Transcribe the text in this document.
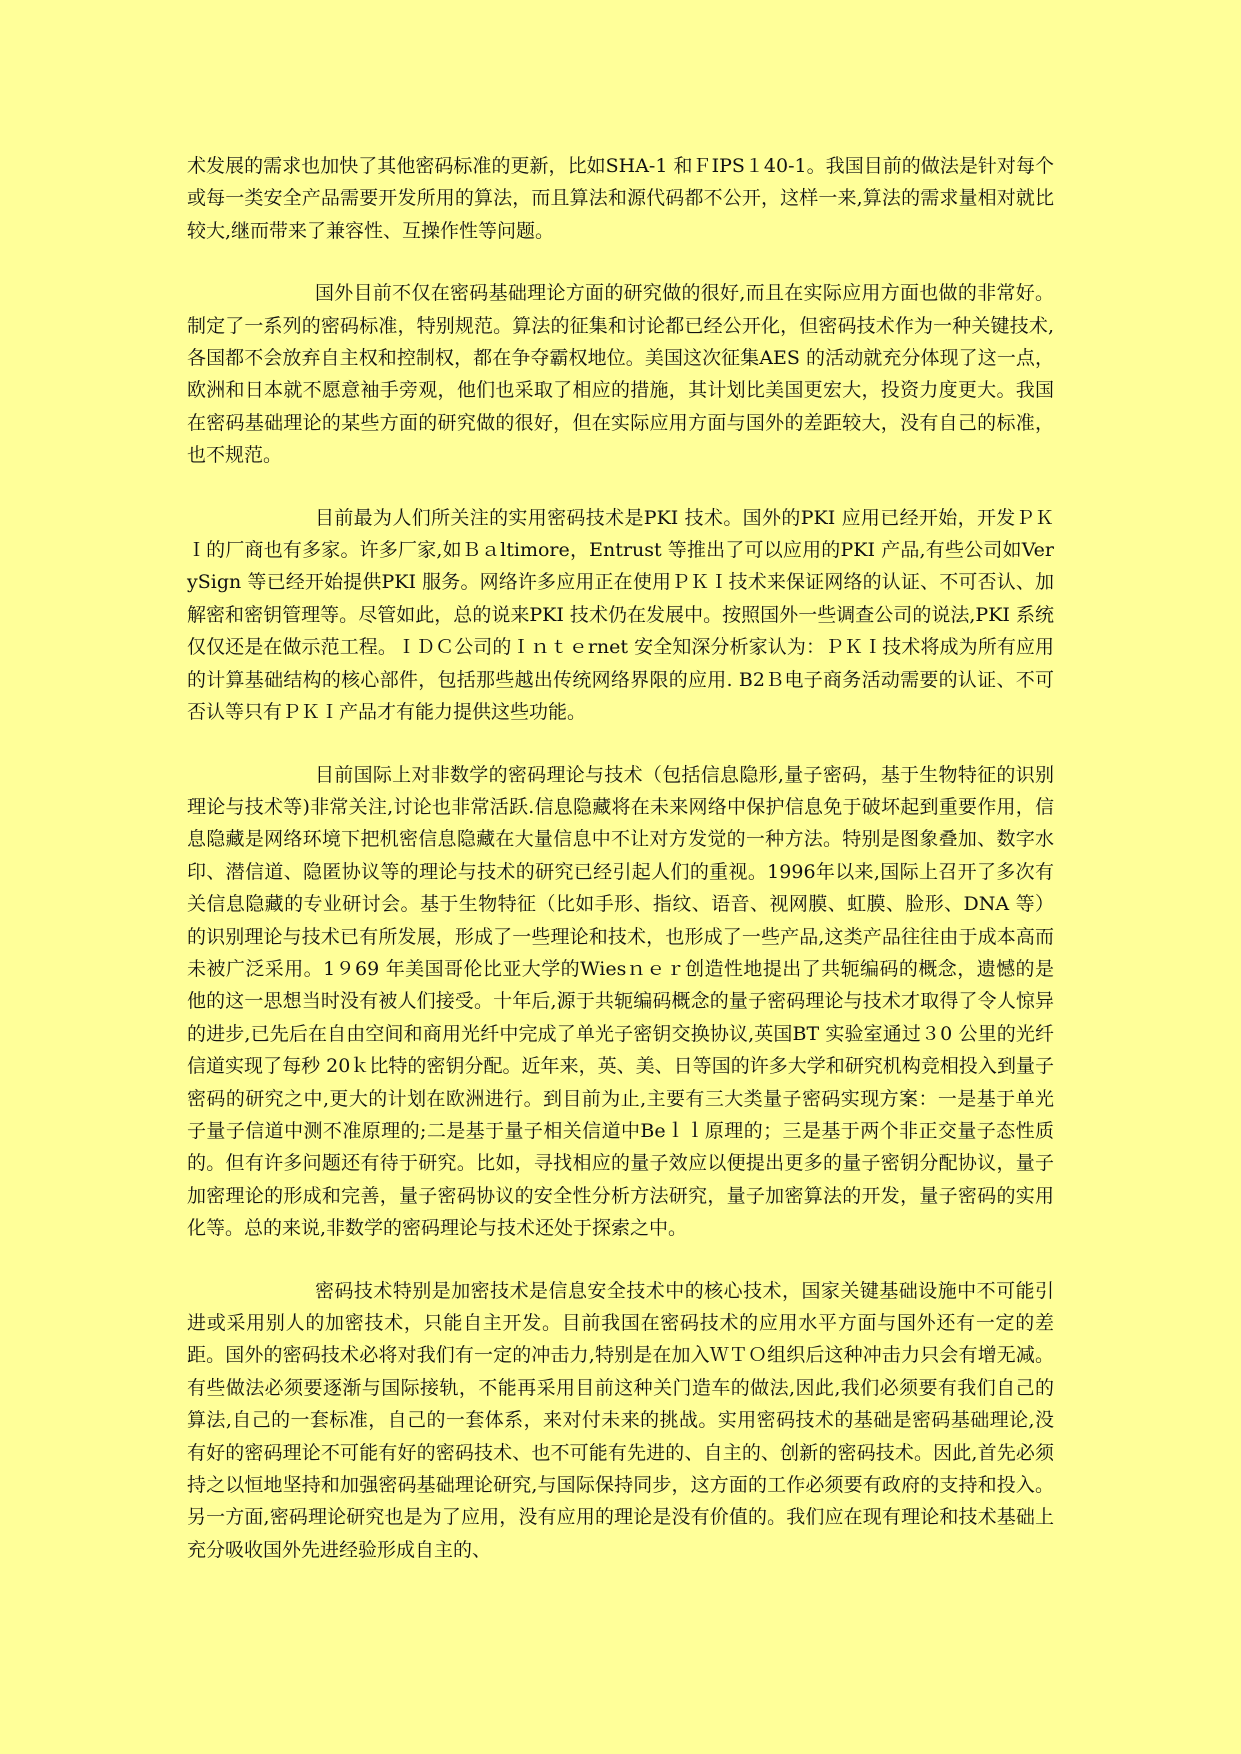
术发展的需求也加快了其他密码标准的更新，比如SHA-1 和ＦIPS１40-1。我国目前的做法是针对每个或每一类安全产品需要开发所用的算法，而且算法和源代码都不公开，这样一来,算法的需求量相对就比较大,继而带来了兼容性、互操作性等问题。

国外目前不仅在密码基础理论方面的研究做的很好,而且在实际应用方面也做的非常好。制定了一系列的密码标准，特别规范。算法的征集和讨论都已经公开化，但密码技术作为一种关键技术,各国都不会放弃自主权和控制权，都在争夺霸权地位。美国这次征集AES 的活动就充分体现了这一点，欧洲和日本就不愿意袖手旁观，他们也采取了相应的措施，其计划比美国更宏大，投资力度更大。我国在密码基础理论的某些方面的研究做的很好，但在实际应用方面与国外的差距较大，没有自己的标准，也不规范。

目前最为人们所关注的实用密码技术是PKI 技术。国外的PKI 应用已经开始，开发ＰＫＩ的厂商也有多家。许多厂家,如Ｂａltimore，Entrust 等推出了可以应用的PKI 产品,有些公司如VerySign 等已经开始提供PKI 服务。网络许多应用正在使用ＰＫＩ技术来保证网络的认证、不可否认、加解密和密钥管理等。尽管如此，总的说来PKI 技术仍在发展中。按照国外一些调查公司的说法,PKI 系统仅仅还是在做示范工程。ＩＤＣ公司的Ｉｎｔｅrnet 安全知深分析家认为：ＰＫＩ技术将成为所有应用的计算基础结构的核心部件，包括那些越出传统网络界限的应用. B2Ｂ电子商务活动需要的认证、不可否认等只有ＰＫＩ产品才有能力提供这些功能。

目前国际上对非数学的密码理论与技术（包括信息隐形,量子密码，基于生物特征的识别理论与技术等)非常关注,讨论也非常活跃.信息隐藏将在未来网络中保护信息免于破坏起到重要作用，信息隐藏是网络环境下把机密信息隐藏在大量信息中不让对方发觉的一种方法。特别是图象叠加、数字水印、潜信道、隐匿协议等的理论与技术的研究已经引起人们的重视。1996年以来,国际上召开了多次有关信息隐藏的专业研讨会。基于生物特征（比如手形、指纹、语音、视网膜、虹膜、脸形、DNA 等）的识别理论与技术已有所发展，形成了一些理论和技术，也形成了一些产品,这类产品往往由于成本高而未被广泛采用。1９69 年美国哥伦比亚大学的Wiesｎｅｒ创造性地提出了共轭编码的概念，遗憾的是他的这一思想当时没有被人们接受。十年后,源于共轭编码概念的量子密码理论与技术才取得了令人惊异的进步,已先后在自由空间和商用光纤中完成了单光子密钥交换协议,英国BT 实验室通过３0 公里的光纤信道实现了每秒 20ｋ比特的密钥分配。近年来，英、美、日等国的许多大学和研究机构竞相投入到量子密码的研究之中,更大的计划在欧洲进行。到目前为止,主要有三大类量子密码实现方案：一是基于单光子量子信道中测不准原理的;二是基于量子相关信道中Beｌｌ原理的；三是基于两个非正交量子态性质的。但有许多问题还有待于研究。比如，寻找相应的量子效应以便提出更多的量子密钥分配协议，量子加密理论的形成和完善，量子密码协议的安全性分析方法研究，量子加密算法的开发，量子密码的实用化等。总的来说,非数学的密码理论与技术还处于探索之中。

密码技术特别是加密技术是信息安全技术中的核心技术，国家关键基础设施中不可能引进或采用别人的加密技术，只能自主开发。目前我国在密码技术的应用水平方面与国外还有一定的差距。国外的密码技术必将对我们有一定的冲击力,特别是在加入ＷＴＯ组织后这种冲击力只会有增无减。有些做法必须要逐渐与国际接轨，不能再采用目前这种关门造车的做法,因此,我们必须要有我们自己的算法,自己的一套标准，自己的一套体系，来对付未来的挑战。实用密码技术的基础是密码基础理论,没有好的密码理论不可能有好的密码技术、也不可能有先进的、自主的、创新的密码技术。因此,首先必须持之以恒地坚持和加强密码基础理论研究,与国际保持同步，这方面的工作必须要有政府的支持和投入。另一方面,密码理论研究也是为了应用，没有应用的理论是没有价值的。我们应在现有理论和技术基础上充分吸收国外先进经验形成自主的、
